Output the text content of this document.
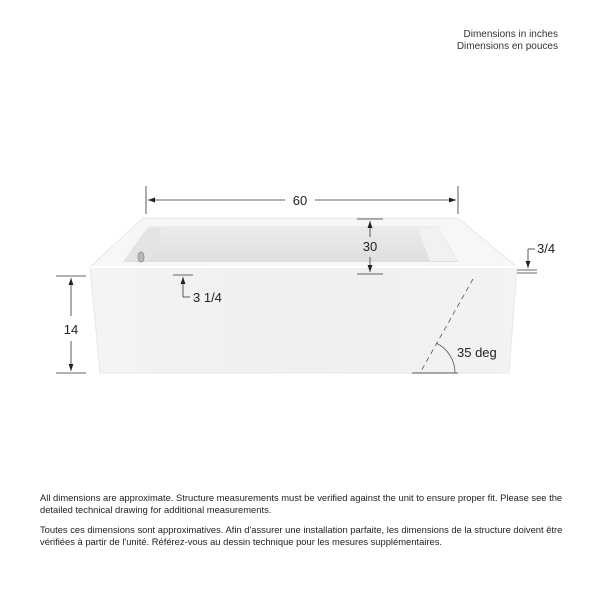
Dimensions in inches
Dimensions en pouces
60
30
14
3 1/4
3/4
35 deg

All dimensions are approximate. Structure measurements must be verified against the unit to ensure proper fit. Please see the detailed technical drawing for additional measurements.

Toutes ces dimensions sont approximatives. Afin d'assurer une installation parfaite, les dimensions de la structure doivent être vérifiées à partir de l'unité. Référez-vous au dessin technique pour les mesures supplémentaires.
